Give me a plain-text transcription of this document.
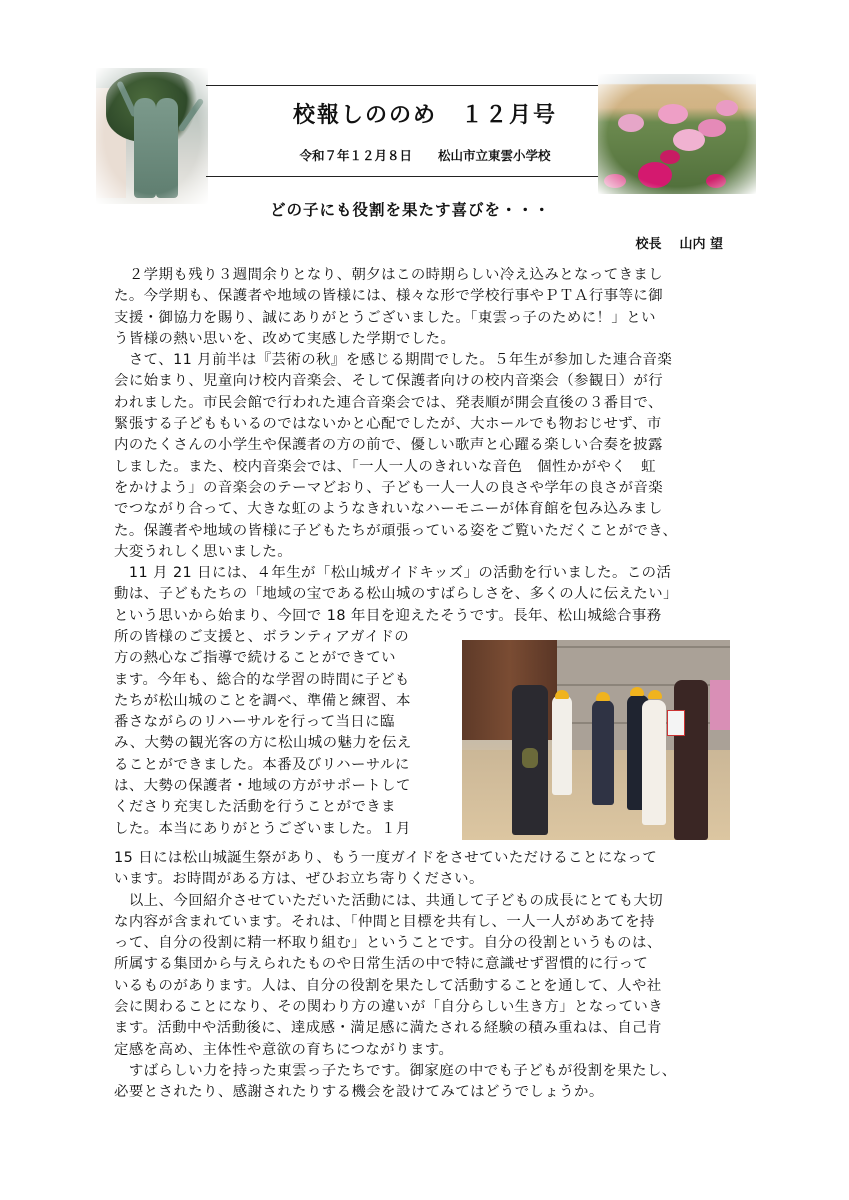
校報しののめ　１２月号
令和７年１２月８日 松山市立東雲小学校
どの子にも役割を果たす喜びを・・・
校長 山内 望
　２学期も残り３週間余りとなり、朝夕はこの時期らしい冷え込みとなってきまし
た。今学期も、保護者や地域の皆様には、様々な形で学校行事やＰＴＡ行事等に御
支援・御協力を賜り、誠にありがとうございました。「東雲っ子のために！」とい
う皆様の熱い思いを、改めて実感した学期でした。
　さて、11 月前半は『芸術の秋』を感じる期間でした。５年生が参加した連合音楽
会に始まり、児童向け校内音楽会、そして保護者向けの校内音楽会（参観日）が行
われました。市民会館で行われた連合音楽会では、発表順が開会直後の３番目で、
緊張する子どももいるのではないかと心配でしたが、大ホールでも物おじせず、市
内のたくさんの小学生や保護者の方の前で、優しい歌声と心躍る楽しい合奏を披露
しました。また、校内音楽会では、「一人一人のきれいな音色　個性かがやく　虹
をかけよう」の音楽会のテーマどおり、子ども一人一人の良さや学年の良さが音楽
でつながり合って、大きな虹のようなきれいなハーモニーが体育館を包み込みまし
た。保護者や地域の皆様に子どもたちが頑張っている姿をご覧いただくことができ、
大変うれしく思いました。
　11 月 21 日には、４年生が「松山城ガイドキッズ」の活動を行いました。この活
動は、子どもたちの「地域の宝である松山城のすばらしさを、多くの人に伝えたい」
という思いから始まり、今回で 18 年目を迎えたそうです。長年、松山城総合事務
所の皆様のご支援と、ボランティアガイドの
方の熱心なご指導で続けることができてい
ます。今年も、総合的な学習の時間に子ども
たちが松山城のことを調べ、準備と練習、本
番さながらのリハーサルを行って当日に臨
み、大勢の観光客の方に松山城の魅力を伝え
ることができました。本番及びリハーサルに
は、大勢の保護者・地域の方がサポートして
くださり充実した活動を行うことができま
した。本当にありがとうございました。１月
15 日には松山城誕生祭があり、もう一度ガイドをさせていただけることになって
います。お時間がある方は、ぜひお立ち寄りください。
　以上、今回紹介させていただいた活動には、共通して子どもの成長にとても大切
な内容が含まれています。それは、「仲間と目標を共有し、一人一人がめあてを持
って、自分の役割に精一杯取り組む」ということです。自分の役割というものは、
所属する集団から与えられたものや日常生活の中で特に意識せず習慣的に行って
いるものがあります。人は、自分の役割を果たして活動することを通して、人や社
会に関わることになり、その関わり方の違いが「自分らしい生き方」となっていき
ます。活動中や活動後に、達成感・満足感に満たされる経験の積み重ねは、自己肯
定感を高め、主体性や意欲の育ちにつながります。
　すばらしい力を持った東雲っ子たちです。御家庭の中でも子どもが役割を果たし、
必要とされたり、感謝されたりする機会を設けてみてはどうでしょうか。
